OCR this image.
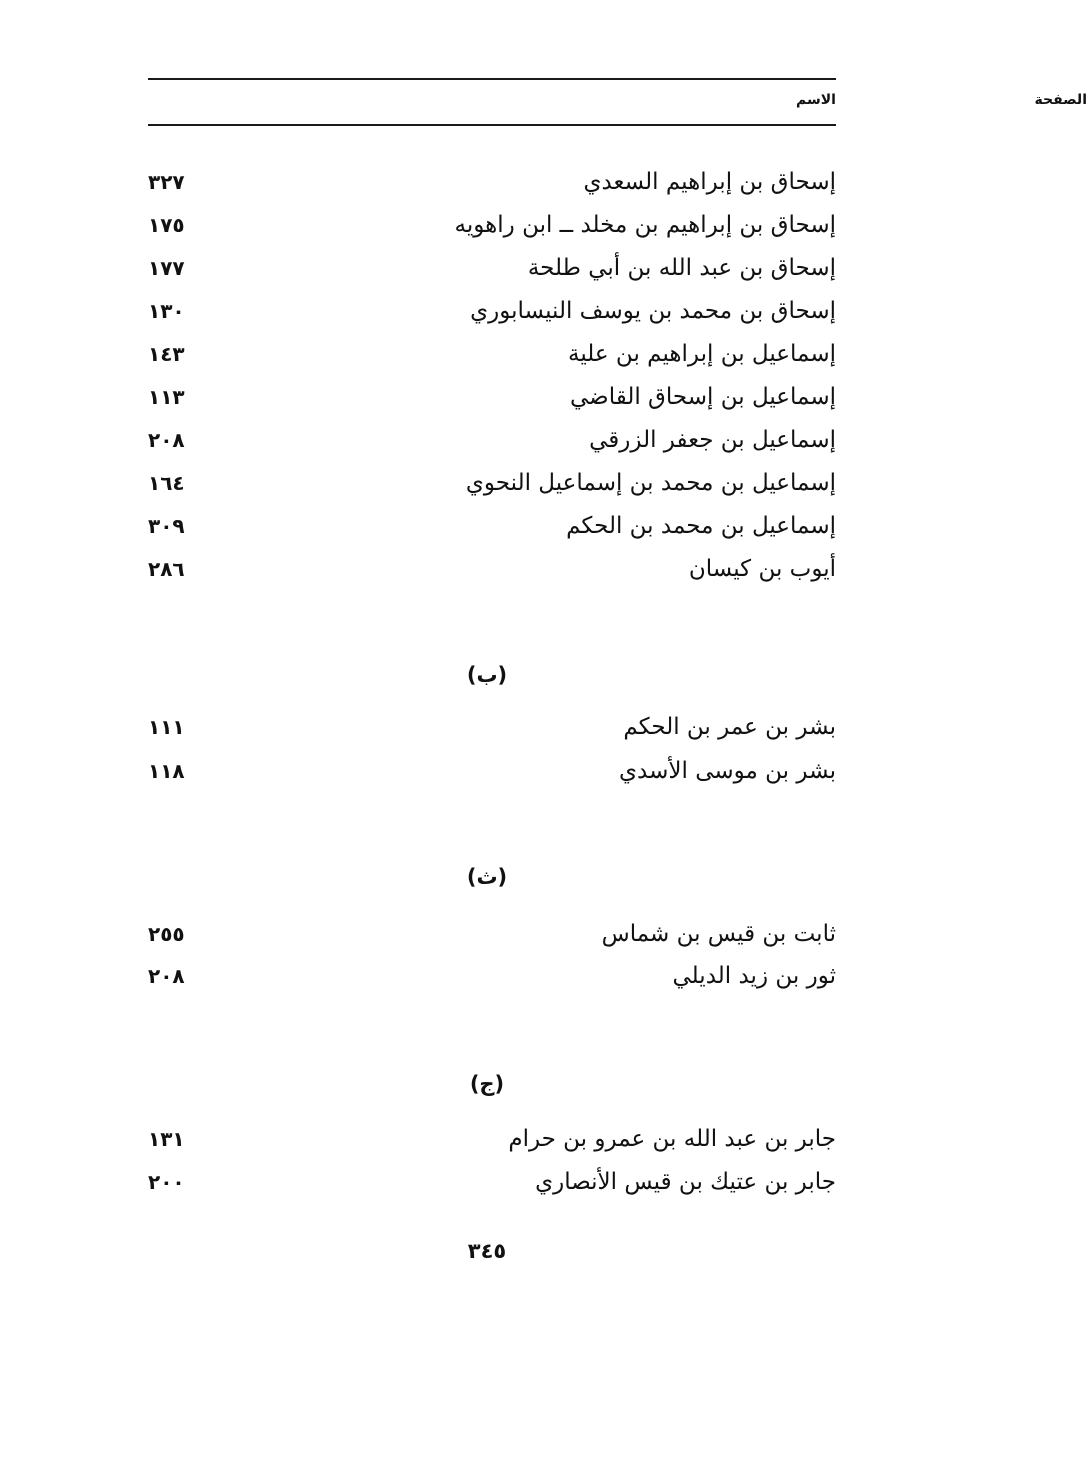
الاسم	الصفحة
إسحاق بن إبراهيم السعدي
٣٢٧
إسحاق بن إبراهيم بن مخلد ــ ابن راهويه
١٧٥
إسحاق بن عبد الله بن أبي طلحة
١٧٧
إسحاق بن محمد بن يوسف النيسابوري
١٣٠
إسماعيل بن إبراهيم بن علية
١٤٣
إسماعيل بن إسحاق القاضي
١١٣
إسماعيل بن جعفر الزرقي
٢٠٨
إسماعيل بن محمد بن إسماعيل النحوي
١٦٤
إسماعيل بن محمد بن الحكم
٣٠٩
أيوب بن كيسان
٢٨٦
(ب)
بشر بن عمر بن الحكم
١١١
بشر بن موسى الأسدي
١١٨
(ث)
ثابت بن قيس بن شماس
٢٥٥
ثور بن زيد الديلي
٢٠٨
(ج)
جابر بن عبد الله بن عمرو بن حرام
١٣١
جابر بن عتيك بن قيس الأنصاري
٢٠٠
٣٤٥
